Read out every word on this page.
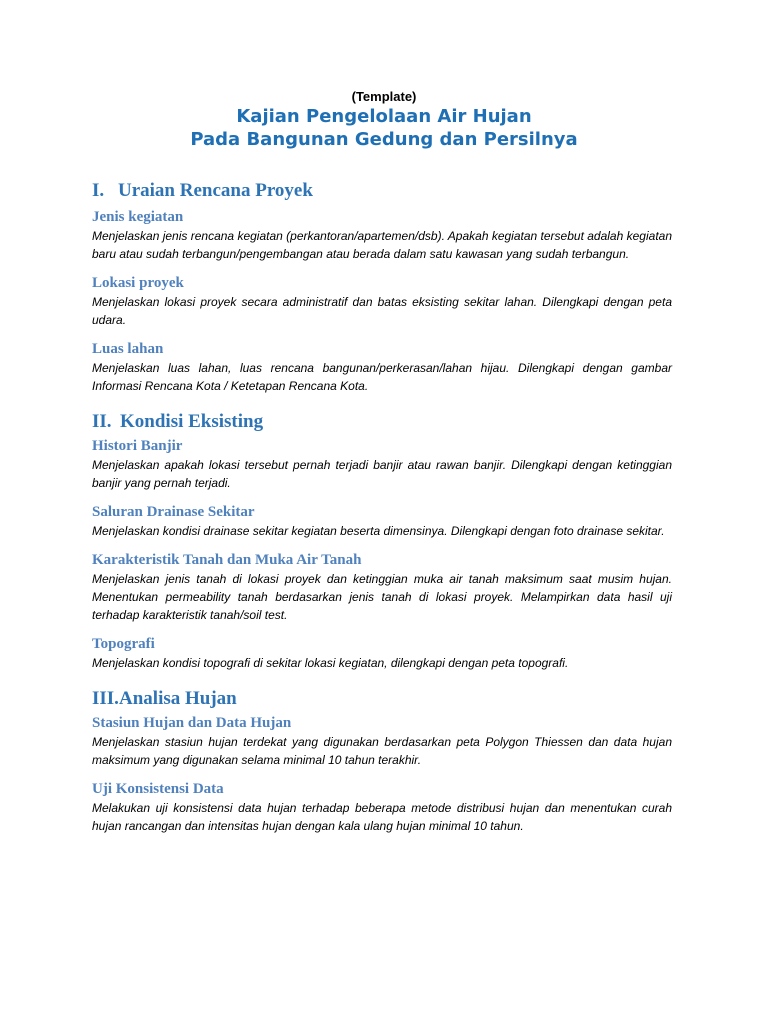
(Template)
Kajian Pengelolaan Air Hujan
Pada Bangunan Gedung dan Persilnya
I. Uraian Rencana Proyek
Jenis kegiatan

Menjelaskan jenis rencana kegiatan (perkantoran/apartemen/dsb). Apakah kegiatan tersebut adalah kegiatan baru atau sudah terbangun/pengembangan atau berada dalam satu kawasan yang sudah terbangun.

Lokasi proyek

Menjelaskan lokasi proyek secara administratif dan batas eksisting sekitar lahan. Dilengkapi dengan peta udara.

Luas lahan

Menjelaskan luas lahan, luas rencana bangunan/perkerasan/lahan hijau. Dilengkapi dengan gambar Informasi Rencana Kota / Ketetapan Rencana Kota.

II. Kondisi Eksisting
Histori Banjir

Menjelaskan apakah lokasi tersebut pernah terjadi banjir atau rawan banjir. Dilengkapi dengan ketinggian banjir yang pernah terjadi.

Saluran Drainase Sekitar

Menjelaskan kondisi drainase sekitar kegiatan beserta dimensinya. Dilengkapi dengan foto drainase sekitar.

Karakteristik Tanah dan Muka Air Tanah

Menjelaskan jenis tanah di lokasi proyek dan ketinggian muka air tanah maksimum saat musim hujan. Menentukan permeability tanah berdasarkan jenis tanah di lokasi proyek. Melampirkan data hasil uji terhadap karakteristik tanah/soil test.

Topografi

Menjelaskan kondisi topografi di sekitar lokasi kegiatan, dilengkapi dengan peta topografi.

III.Analisa Hujan
Stasiun Hujan dan Data Hujan

Menjelaskan stasiun hujan terdekat yang digunakan berdasarkan peta Polygon Thiessen dan data hujan maksimum yang digunakan selama minimal 10 tahun terakhir.

Uji Konsistensi Data

Melakukan uji konsistensi data hujan terhadap beberapa metode distribusi hujan dan menentukan curah hujan rancangan dan intensitas hujan dengan kala ulang hujan minimal 10 tahun.
